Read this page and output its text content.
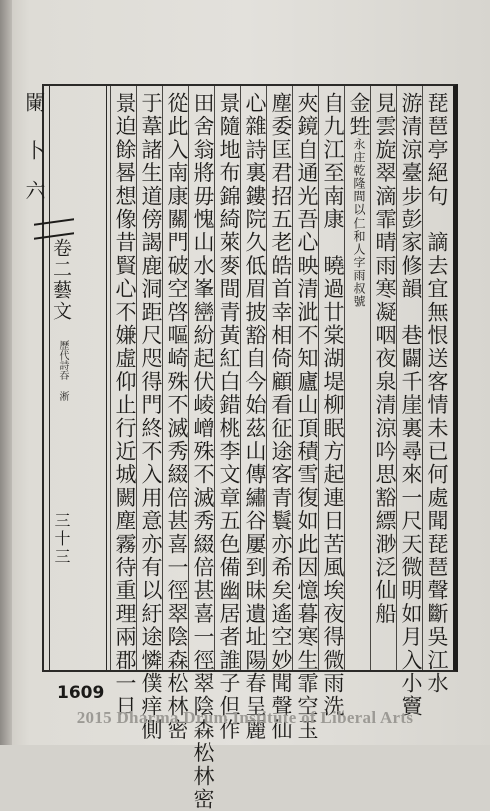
䦨
卜
六
卷二藝文
歷代詩吞 淅
三十三	琵琶亭絕句　謫去宜無恨送客情未已何處聞琵琶聲斷吳江水
游清涼臺步彭家修韻　巷闢千崖裏尋來一尺天微明如月入小竇
見雲旋翠滴霏晴雨寒凝咽夜泉清涼吟思豁縹渺泛仙船
金甡
仁和人字雨叔號
永庄乾隆間以
自九江至南康　曉過廿棠湖堤柳眠方起連日苦風埃夜得微雨洗
夾鏡自通光吾心映清泚不知廬山頂積雪復如此因憶暮寒生霏空玉
塵委匡君招五老皓首幸相倚顧看征途客青鬟亦希矣遙空妙聞聲仙
心雜詩裏鏤院久低眉披豁自今始茲山傳繡谷屢到昧遺址陽春呈麗
景隨地布錦綺萊麥間青黃紅白錯桃李文章五色備幽居者誰子但作
田舍翁將毋愧山水峯巒紛起伏崚嶒殊不滅秀綴倍甚喜一徑翠陰森松林密
從此入南康關門破空啓嘔崎殊不滅秀綴倍甚喜一徑翠陰森松林密
于葦諸生道傍謁鹿洞距尺咫得門終不入用意亦有以紆途憐僕痒側
景迫餘晷想像昔賢心不嫌虛仰止行近城闕塵霧待重理兩郡一日
1609
2015 Dharma Drum Institute of Liberal Arts
